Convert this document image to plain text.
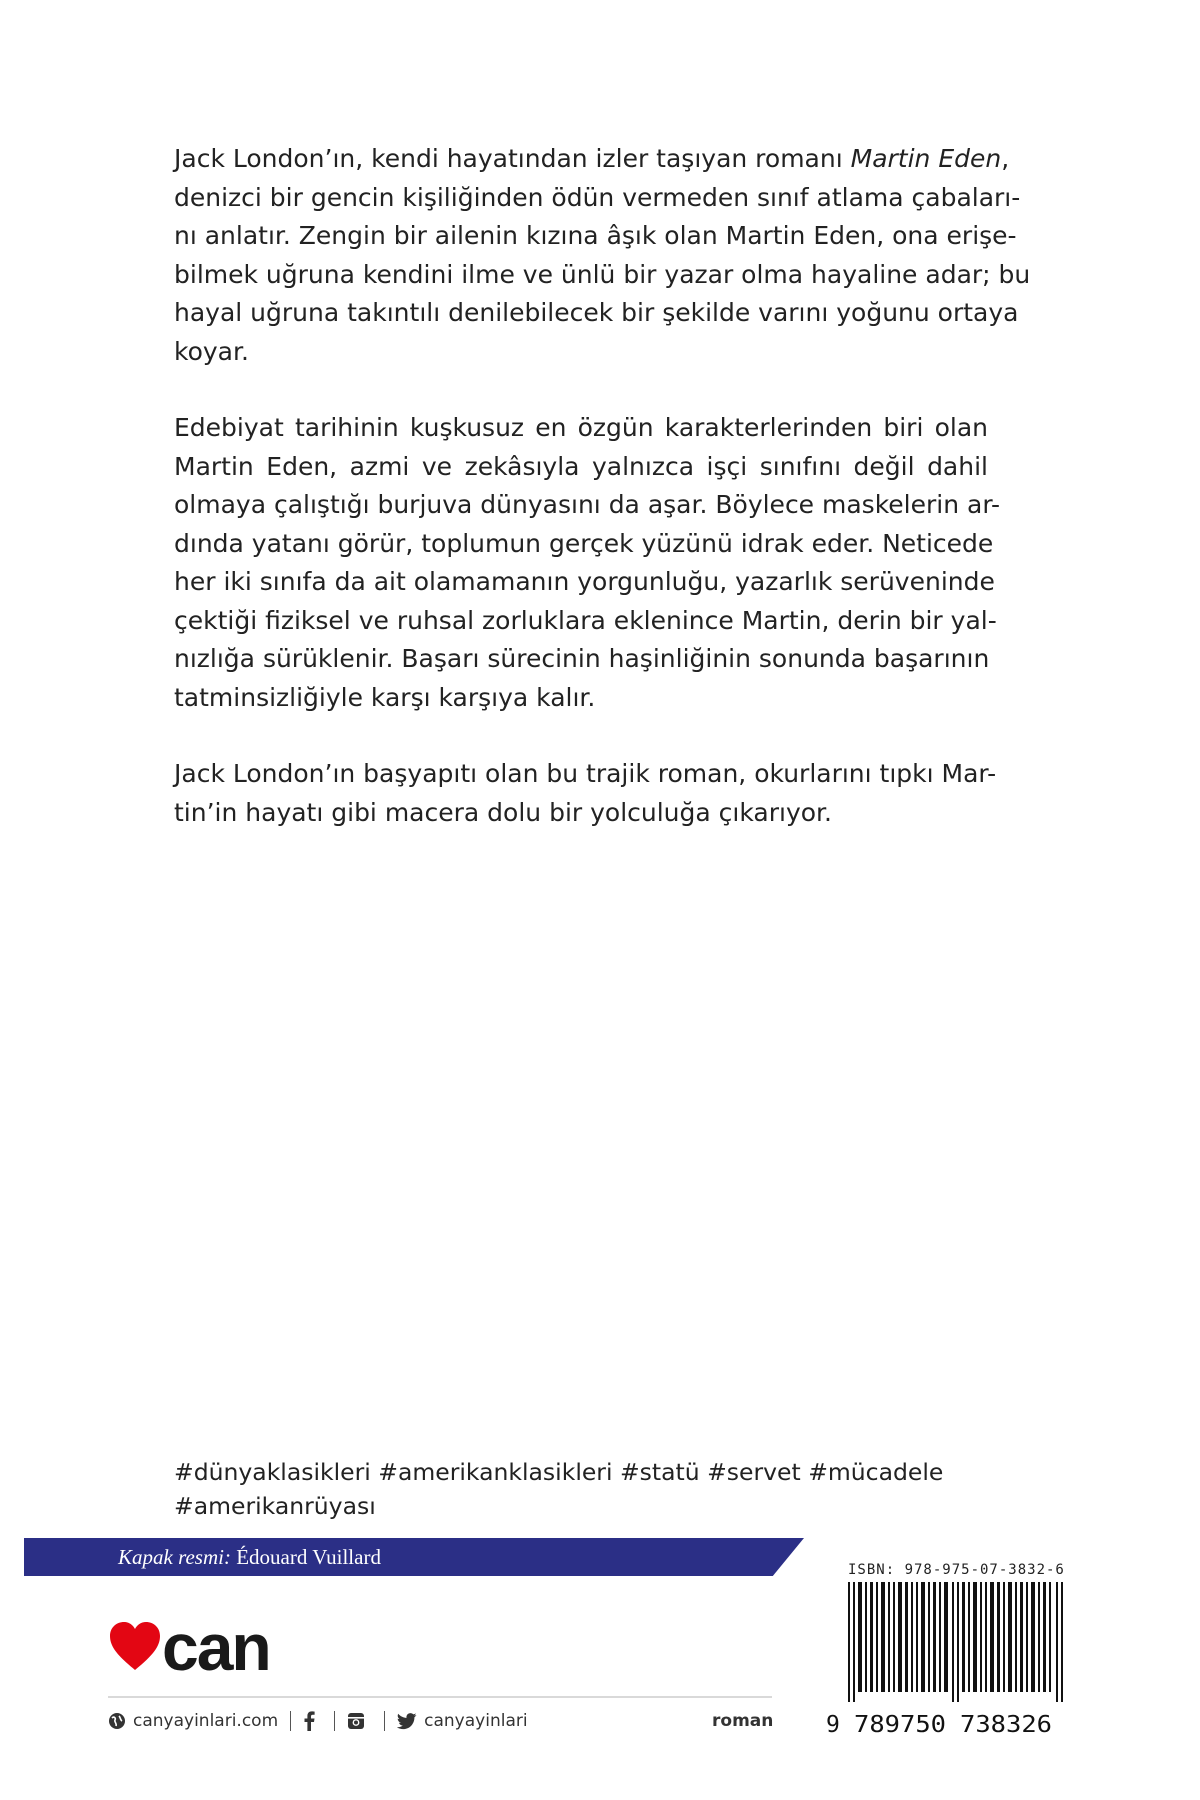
Jack London’ın, kendi hayatından izler taşıyan romanı Martin Eden,
denizci bir gencin kişiliğinden ödün vermeden sınıf atlama çabaları-
nı anlatır. Zengin bir ailenin kızına âşık olan Martin Eden, ona erişe-
bilmek uğruna kendini ilme ve ünlü bir yazar olma hayaline adar; bu
hayal uğruna takıntılı denilebilecek bir şekilde varını yoğunu ortaya
koyar.
Edebiyat tarihinin kuşkusuz en özgün karakterlerinden biri olan
Martin Eden, azmi ve zekâsıyla yalnızca işçi sınıfını değil dahil
olmaya çalıştığı burjuva dünyasını da aşar. Böylece maskelerin ar-
dında yatanı görür, toplumun gerçek yüzünü idrak eder. Neticede
her iki sınıfa da ait olamamanın yorgunluğu, yazarlık serüveninde
çektiği fiziksel ve ruhsal zorluklara eklenince Martin, derin bir yal-
nızlığa sürüklenir. Başarı sürecinin haşinliğinin sonunda başarının
tatminsizliğiyle karşı karşıya kalır.
Jack London’ın başyapıtı olan bu trajik roman, okurlarını tıpkı Mar-
tin’in hayatı gibi macera dolu bir yolculuğa çıkarıyor.
#dünyaklasikleri #amerikanklasikleri #statü #servet #mücadele
#amerikanrüyası
Kapak resmi: Édouard Vuillard
can
canyayinlari.com	canyayinlari	roman
ISBN: 978-975-07-3832-6
9 789750 738326
